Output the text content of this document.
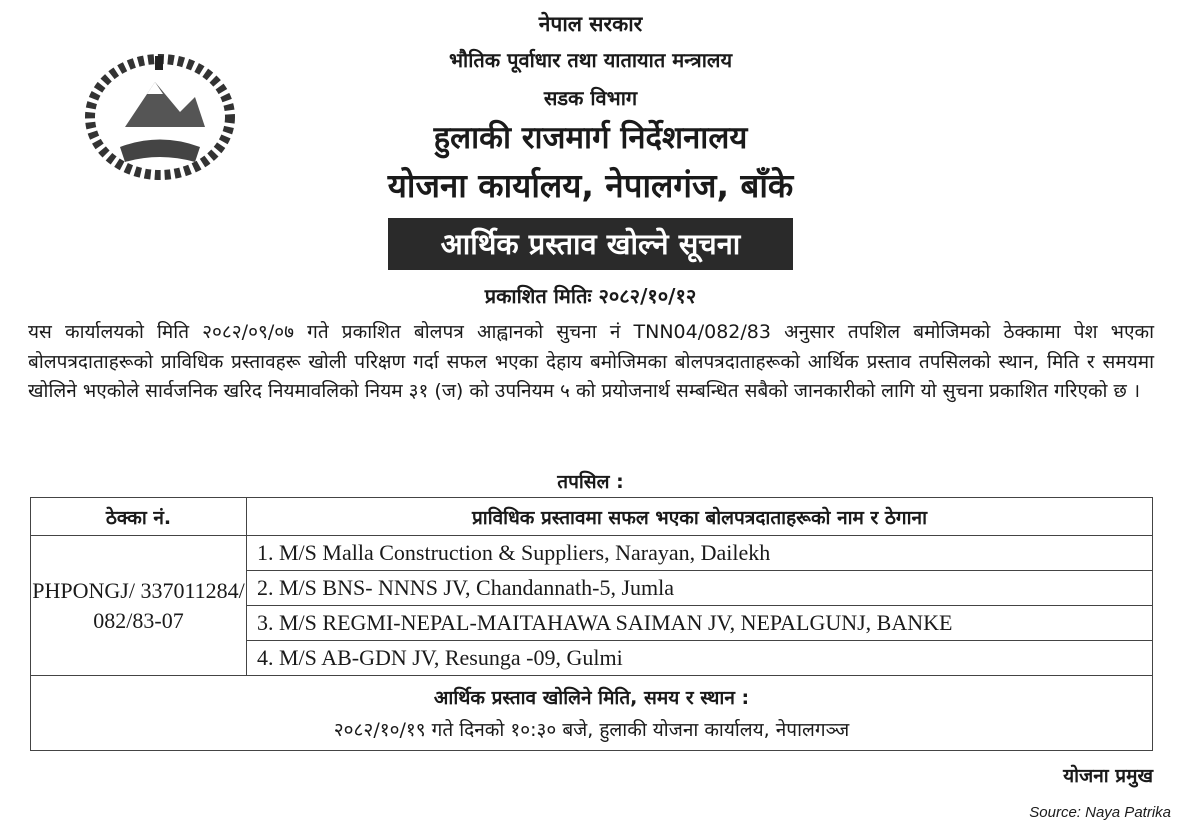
नेपाल सरकार
भौतिक पूर्वाधार तथा यातायात मन्त्रालय
सडक विभाग
हुलाकी राजमार्ग निर्देशनालय
योजना कार्यालय, नेपालगंज, बाँके
आर्थिक प्रस्ताव खोल्ने सूचना
प्रकाशित मितिः २०८२/१०/१२
यस कार्यालयको मिति २०८२/०९/०७ गते प्रकाशित बोलपत्र आह्वानको सुचना नं TNN04/082/83 अनुसार तपशिल बमोजिमको ठेक्कामा पेश भएका बोलपत्रदाताहरूको प्राविधिक प्रस्तावहरू खोली परिक्षण गर्दा सफल भएका देहाय बमोजिमका बोलपत्रदाताहरूको आर्थिक प्रस्ताव तपसिलको स्थान, मिति र समयमा खोलिने भएकोले सार्वजनिक खरिद नियमावलिको नियम ३१ (ज) को उपनियम ५ को प्रयोजनार्थ सम्बन्धित सबैको जानकारीको लागि यो सुचना प्रकाशित गरिएको छ ।
तपसिल :
ठेक्का नं.	प्राविधिक प्रस्तावमा सफल भएका बोलपत्रदाताहरूको नाम र ठेगाना
PHPONGJ/ 337011284/ 082/83-07	1. M/S Malla Construction & Suppliers, Narayan, Dailekh
	2. M/S BNS- NNNS JV, Chandannath-5, Jumla
	3. M/S REGMI-NEPAL-MAITAHAWA SAIMAN JV, NEPALGUNJ, BANKE
	4. M/S AB-GDN JV, Resunga -09, Gulmi

आर्थिक प्रस्ताव खोलिने मिति, समय र स्थान :
२०८२/१०/१९ गते दिनको १०:३० बजे, हुलाकी योजना कार्यालय, नेपालगञ्ज	
योजना प्रमुख
Source: Naya Patrika
